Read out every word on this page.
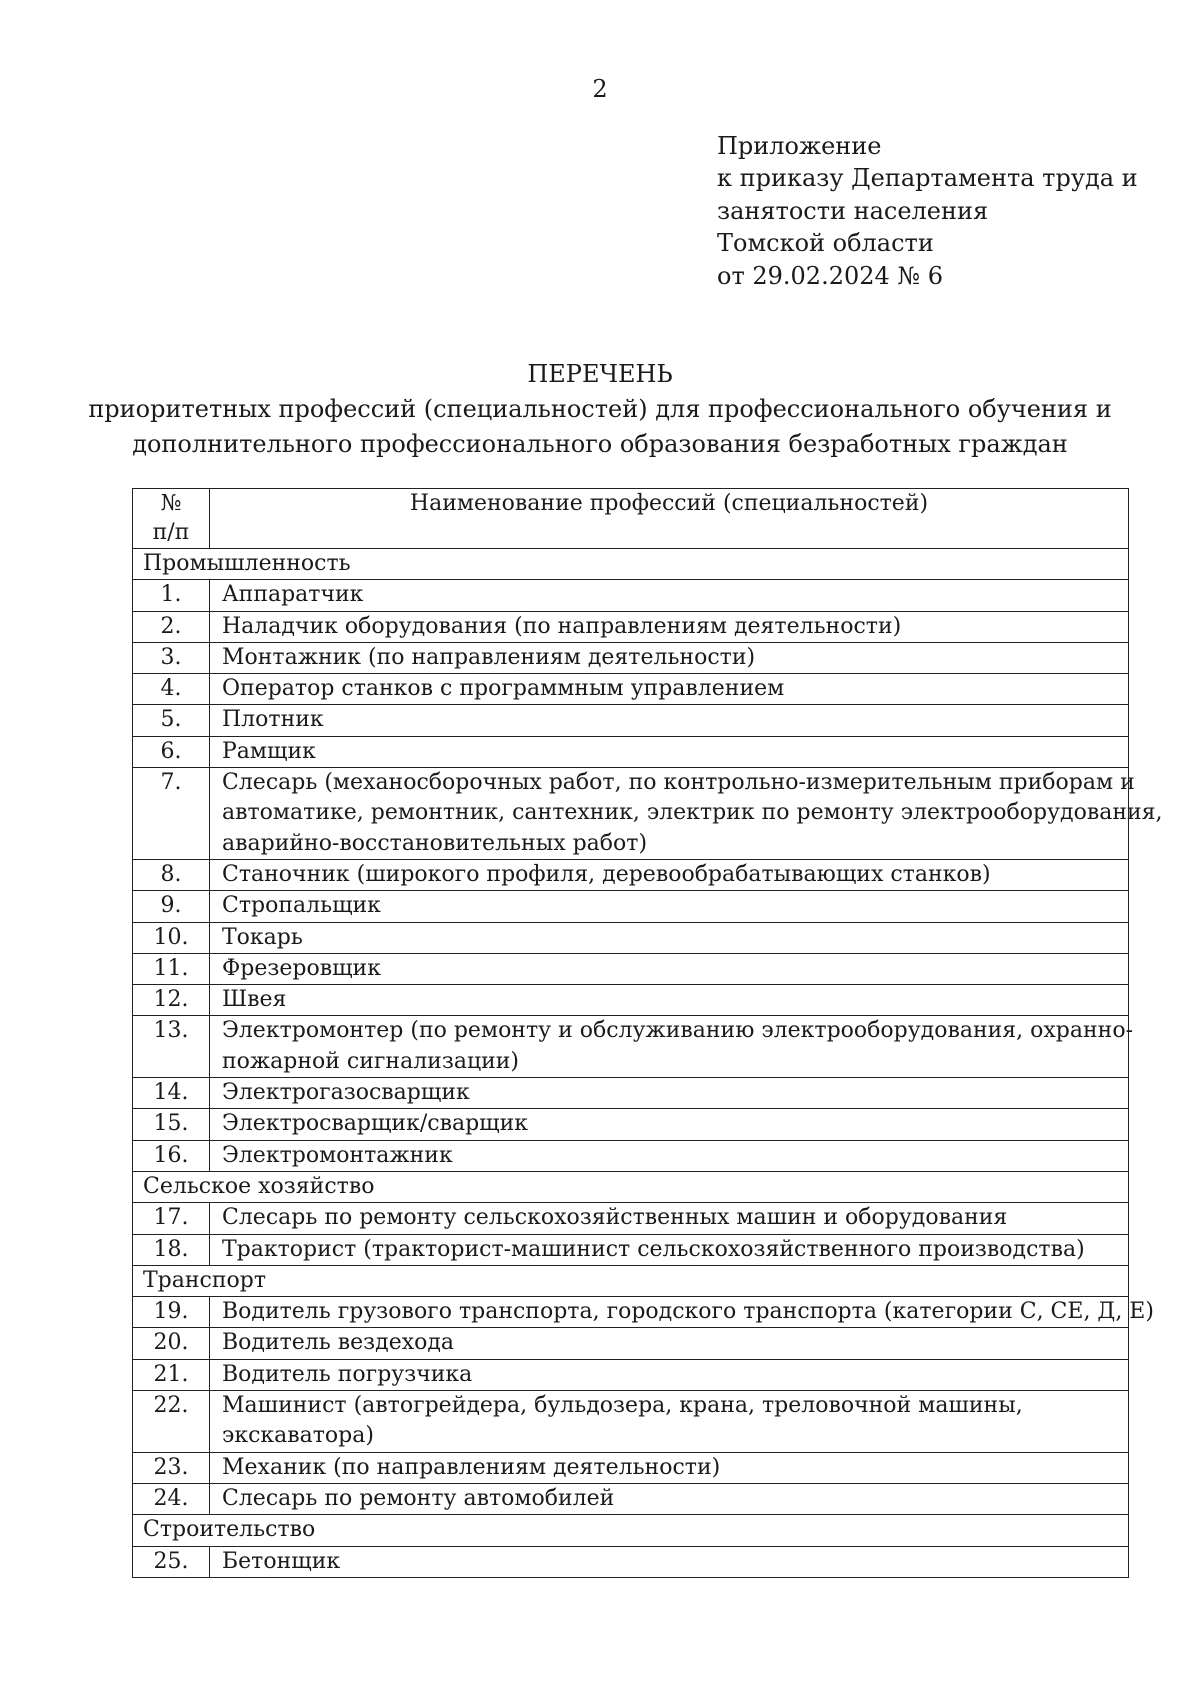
2
Приложение
к приказу Департамента труда и
занятости населения
Томской области
от 29.02.2024 № 6
ПЕРЕЧЕНЬ
приоритетных профессий (специальностей) для профессионального обучения и
дополнительного профессионального образования безработных граждан
№
п/п	Наименование профессий (специальностей)
Промышленность	
1.	Аппаратчик

2.	Наладчик оборудования (по направлениям деятельности)

3.	Монтажник (по направлениям деятельности)

4.	Оператор станков с программным управлением

5.	Плотник

6.	Рамщик

7.	Слесарь (механосборочных работ, по контрольно-измерительным приборам и
автоматике, ремонтник, сантехник, электрик по ремонту электрооборудования,
аварийно-восстановительных работ)

8.	Станочник (широкого профиля, деревообрабатывающих станков)

9.	Стропальщик

10.	Токарь

11.	Фрезеровщик

12.	Швея

13.	Электромонтер (по ремонту и обслуживанию электрооборудования, охранно-
пожарной сигнализации)

14.	Электрогазосварщик

15.	Электросварщик/сварщик

16.	Электромонтажник

Сельское хозяйство	
17.	Слесарь по ремонту сельскохозяйственных машин и оборудования

18.	Тракторист (тракторист-машинист сельскохозяйственного производства)

Транспорт	
19.	Водитель грузового транспорта, городского транспорта (категории С, СЕ, Д, Е)

20.	Водитель вездехода

21.	Водитель погрузчика

22.	Машинист (автогрейдера, бульдозера, крана, треловочной машины,
экскаватора)

23.	Механик (по направлениям деятельности)

24.	Слесарь по ремонту автомобилей

Строительство	
25.	Бетонщик
